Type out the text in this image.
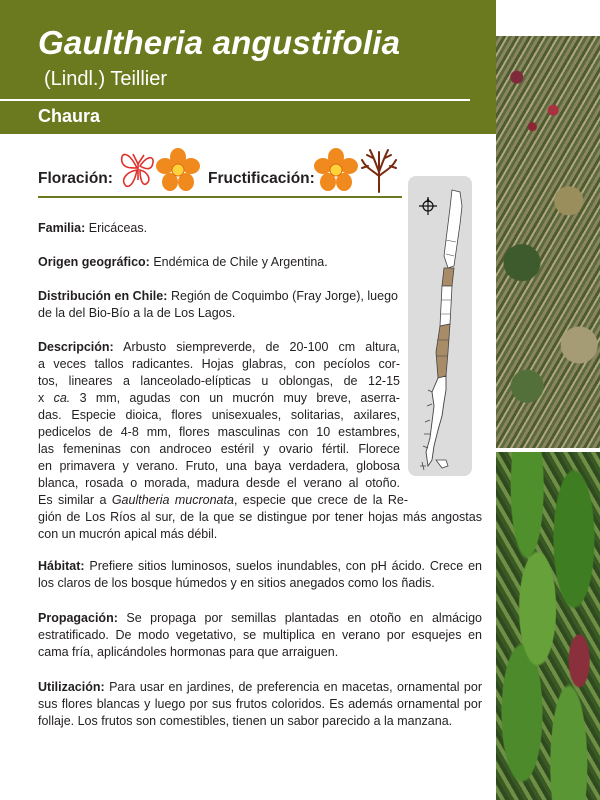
Gaultheria angustifolia
(Lindl.) Teillier
Chaura
Floración:	Fructificación:
Familia: Ericáceas.
Origen geográfico: Endémica de Chile y Argentina.
Distribución en Chile: Región de Coquimbo (Fray Jorge), luego de la del Bio-Bío a la de Los Lagos.
Descripción: Arbusto siempreverde, de 20-100 cm altura,
a veces tallos radicantes. Hojas glabras, con pecíolos cor-
tos, lineares a lanceolado-elípticas u oblongas, de 12-15
x ca. 3 mm, agudas con un mucrón muy breve, aserra-
das. Especie dioica, flores unisexuales, solitarias, axilares,
pedicelos de 4-8 mm, flores masculinas con 10 estambres,
las femeninas con androceo estéril y ovario fértil. Florece
en primavera y verano. Fruto, una baya verdadera, globosa
blanca, rosada o morada, madura desde el verano al otoño.
Es similar a Gaultheria mucronata, especie que crece de la Re-
gión de Los Ríos al sur, de la que se distingue por tener hojas más angostas
con un mucrón apical más débil.
Hábitat: Prefiere sitios luminosos, suelos inundables, con pH ácido. Crece en los claros de los bosque húmedos y en sitios anegados como los ñadis.
Propagación: Se propaga por semillas plantadas en otoño en almácigo estratificado. De modo vegetativo, se multiplica en verano por esquejes en cama fría, aplicándoles hormonas para que arraiguen.
Utilización: Para usar en jardines, de preferencia en macetas, ornamental por sus flores blancas y luego por sus frutos coloridos. Es además ornamental por follaje. Los frutos son comestibles, tienen un sabor parecido a la manzana.
